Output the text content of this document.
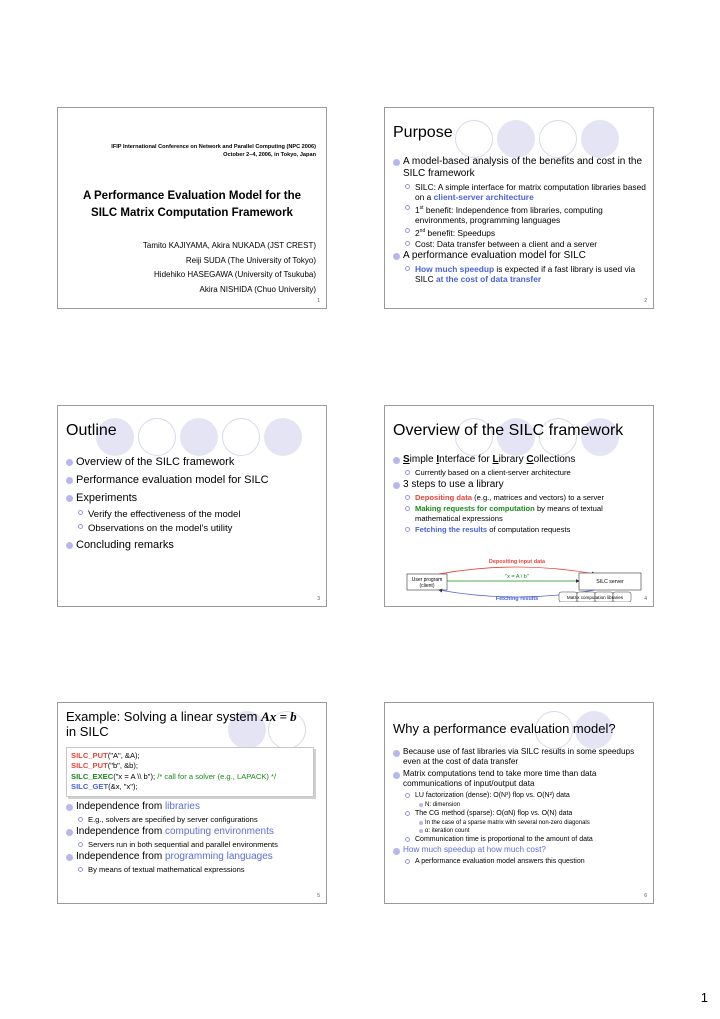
IFIP International Conference on Network and Parallel Computing (NPC 2006)
October 2–4, 2006, in Tokyo, Japan
A Performance Evaluation Model for the
SILC Matrix Computation Framework
Tamito KAJIYAMA, Akira NUKADA (JST CREST)
Reiji SUDA (The University of Tokyo)
Hidehiko HASEGAWA (University of Tsukuba)
Akira NISHIDA (Chuo University)
1
Purpose
A model-based analysis of the benefits and cost in the SILC framework
SILC: A simple interface for matrix computation libraries based on a client-server architecture
1st benefit: Independence from libraries, computing environments, programming languages
2nd benefit: Speedups
Cost: Data transfer between a client and a server
A performance evaluation model for SILC
How much speedup is expected if a fast library is used via SILC at the cost of data transfer
2
Outline
Overview of the SILC framework
Performance evaluation model for SILC
Experiments
Verify the effectiveness of the model
Observations on the model's utility
Concluding remarks
3
Overview of the SILC framework
Simple Interface for Library Collections
Currently based on a client-server architecture
3 steps to use a library
Depositing data (e.g., matrices and vectors) to a server
Making requests for computation by means of textual mathematical expressions
Fetching the results of computation requests
Depositing input data
"x = A \ b"
User program
(client)
SILC server
Fetching results	Matrix computation libraries	4
Example: Solving a linear system Ax = b
in SILC
SILC_PUT("A", &A);
SILC_PUT("b", &b);
SILC_EXEC("x = A \\ b"); /* call for a solver (e.g., LAPACK) */
SILC_GET(&x, "x");
Independence from libraries
E.g., solvers are specified by server configurations
Independence from computing environments
Servers run in both sequential and parallel environments
Independence from programming languages
By means of textual mathematical expressions
5
Why a performance evaluation model?
Because use of fast libraries via SILC results in some speedups even at the cost of data transfer
Matrix computations tend to take more time than data communications of input/output data
LU factorization (dense): O(N³) flop vs. O(N²) data
N: dimension
The CG method (sparse): O(αN) flop vs. O(N) data
In the case of a sparse matrix with several non-zero diagonals
α: iteration count
Communication time is proportional to the amount of data
How much speedup at how much cost?
A performance evaluation model answers this question
6
1
